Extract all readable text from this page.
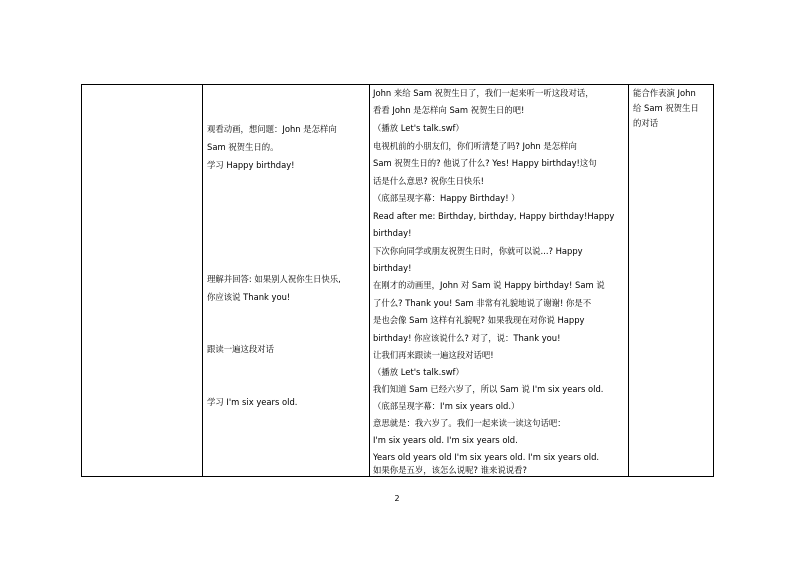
观看动画，想问题：John 是怎样向
Sam 祝贺生日的。
学习 Happy birthday!
理解并回答: 如果别人祝你生日快乐,
你应该说 Thank you!
跟读一遍这段对话
学习 I'm six years old.
John 来给 Sam 祝贺生日了，我们一起来听一听这段对话，
看看 John 是怎样向 Sam 祝贺生日的吧!
（播放 Let's talk.swf）
电视机前的小朋友们，你们听清楚了吗? John 是怎样向
Sam 祝贺生日的? 他说了什么? Yes! Happy birthday!这句
话是什么意思? 祝你生日快乐!
（底部呈现字幕：Happy Birthday! ）
Read after me: Birthday, birthday, Happy birthday!Happy
birthday!
下次你向同学或朋友祝贺生日时，你就可以说...? Happy
birthday!
在刚才的动画里，John 对 Sam 说 Happy birthday! Sam 说
了什么? Thank you! Sam 非常有礼貌地说了谢谢! 你是不
是也会像 Sam 这样有礼貌呢? 如果我现在对你说 Happy
birthday! 你应该说什么? 对了，说：Thank you!
让我们再来跟读一遍这段对话吧!
（播放 Let's talk.swf）
我们知道 Sam 已经六岁了，所以 Sam 说 I'm six years old.
（底部呈现字幕：I'm six years old.）
意思就是：我六岁了。我们一起来读一读这句话吧：
I'm six years old. I'm six years old.
Years old years old I'm six years old. I'm six years old.
如果你是五岁，该怎么说呢? 谁来说说看?
能合作表演 John
给 Sam 祝贺生日
的对话
2
